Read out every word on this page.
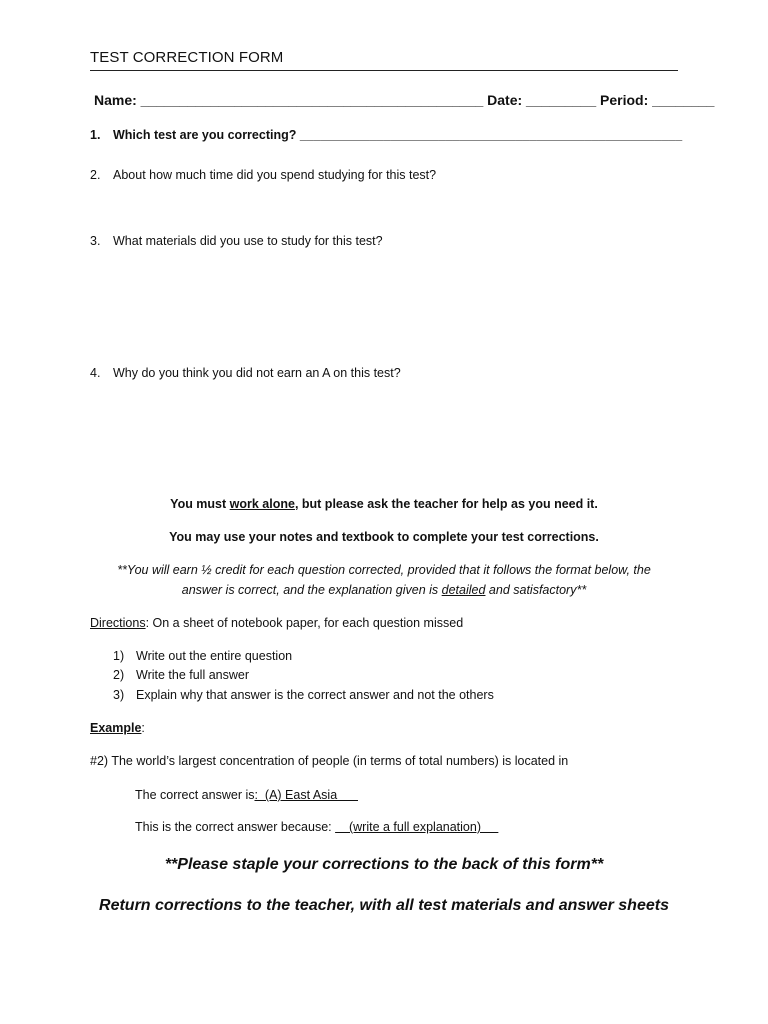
TEST CORRECTION FORM
Name: ____________________________________________ Date: _________ Period: ________
1. Which test are you correcting? _______________________________________________________
2. About how much time did you spend studying for this test?
3. What materials did you use to study for this test?
4. Why do you think you did not earn an A on this test?
You must work alone, but please ask the teacher for help as you need it.
You may use your notes and textbook to complete your test corrections.
**You will earn ½ credit for each question corrected, provided that it follows the format below, the
answer is correct, and the explanation given is detailed and satisfactory**
Directions: On a sheet of notebook paper, for each question missed
1) Write out the entire question
2) Write the full answer
3) Explain why that answer is the correct answer and not the others
Example:
#2) The world’s largest concentration of people (in terms of total numbers) is located in
The correct answer is:  (A) East Asia
This is the correct answer because:     (write a full explanation)
**Please staple your corrections to the back of this form**
Return corrections to the teacher, with all test materials and answer sheets
